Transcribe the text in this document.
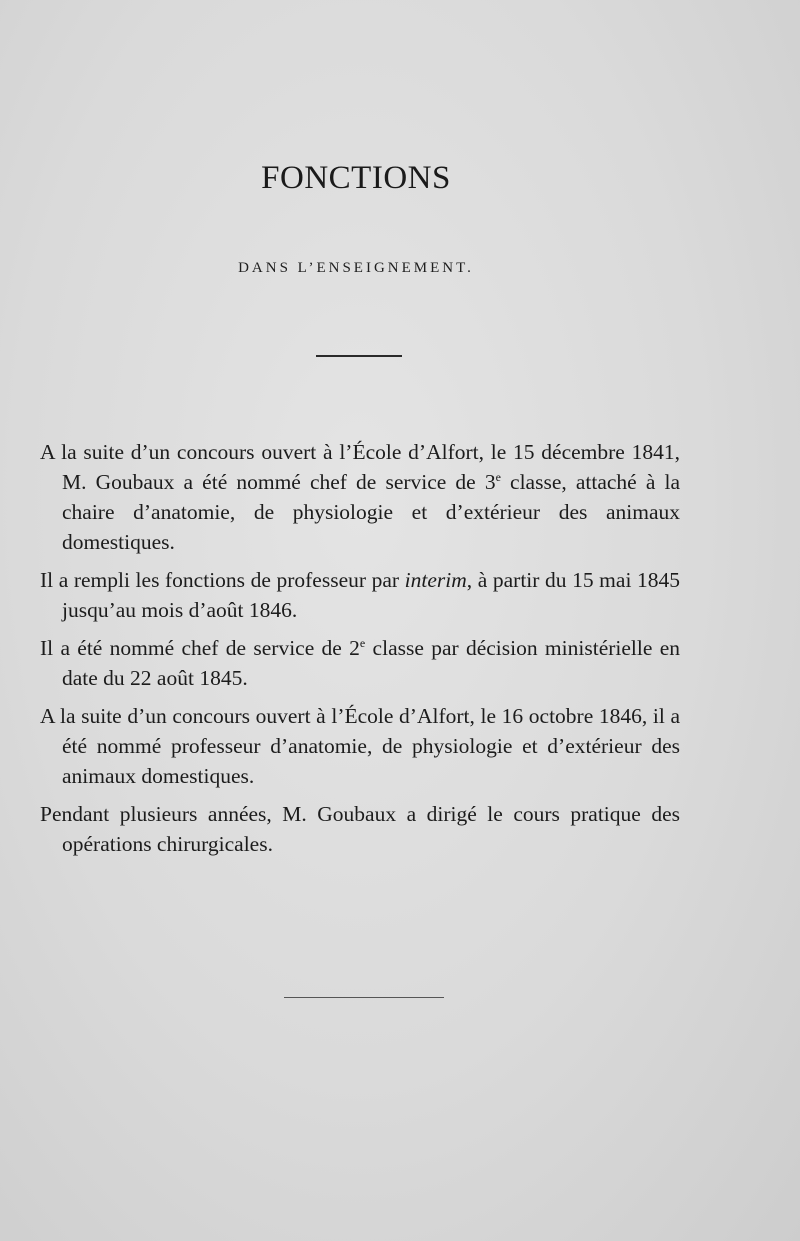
FONCTIONS
DANS L’ENSEIGNEMENT.

A la suite d’un concours ouvert à l’École d’Alfort, le 15 décembre 1841, M. Goubaux a été nommé chef de service de 3e classe, attaché à la chaire d’anatomie, de physiologie et d’extérieur des animaux domestiques.

Il a rempli les fonctions de professeur par interim, à partir du 15 mai 1845 jusqu’au mois d’août 1846.

Il a été nommé chef de service de 2e classe par décision ministérielle en date du 22 août 1845.

A la suite d’un concours ouvert à l’École d’Alfort, le 16 octobre 1846, il a été nommé professeur d’anatomie, de physiologie et d’extérieur des animaux domestiques.

Pendant plusieurs années, M. Goubaux a dirigé le cours pratique des opérations chirurgicales.
